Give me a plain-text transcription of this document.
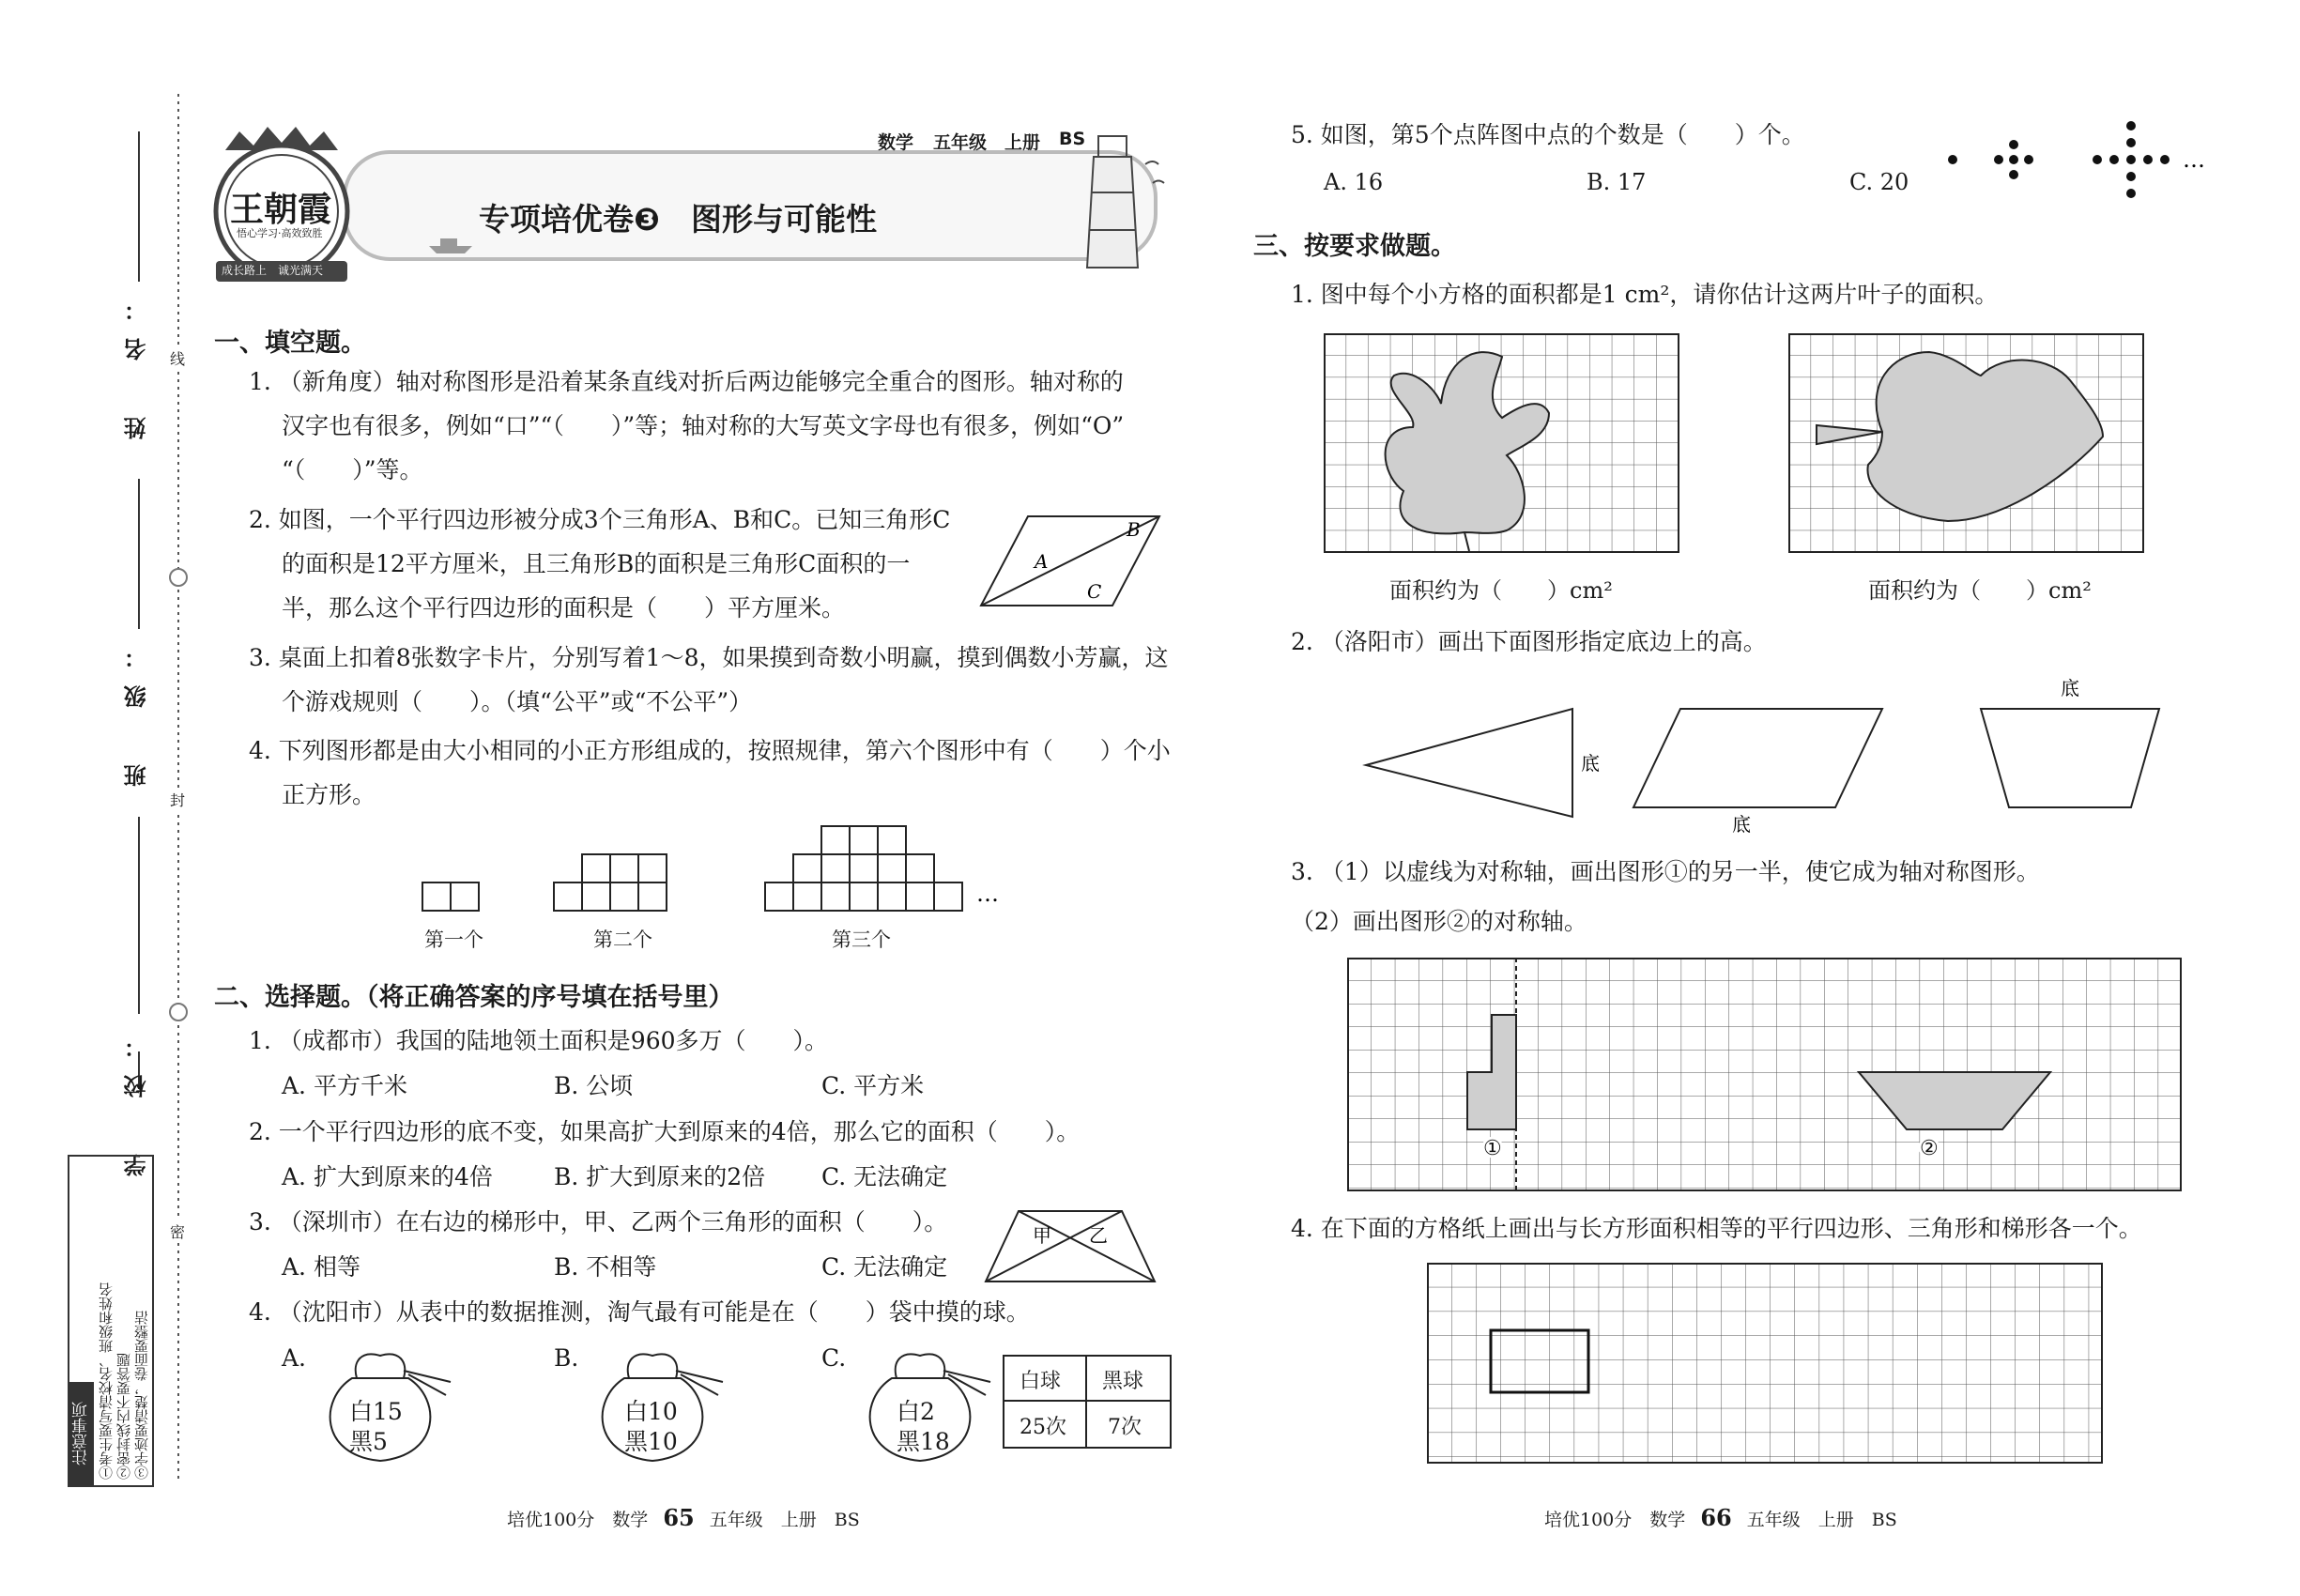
姓　名：
班　级：
学　校：
线
封
密
注意事项 ①考生要写清校名、班级和姓名 ②密封线内不要答题 ③字迹要清楚，卷面要整洁
专项培优卷❸　图形与可能性
数学 五年级 上册 BS
王朝霞
悟心学习·高效致胜
成长路上　诚光满天
一、填空题。
1. （新角度）轴对称图形是沿着某条直线对折后两边能够完全重合的图形。轴对称的
汉字也有很多，例如“口”“（　　）”等；轴对称的大写英文字母也有很多，例如“O”
“（　　）”等。
2. 如图，一个平行四边形被分成3个三角形A、B和C。已知三角形C
的面积是12平方厘米，且三角形B的面积是三角形C面积的一
半，那么这个平行四边形的面积是（　　）平方厘米。
A
B
C
3. 桌面上扣着8张数字卡片，分别写着1～8，如果摸到奇数小明赢，摸到偶数小芳赢，这
个游戏规则（　　）。（填“公平”或“不公平”）
4. 下列图形都是由大小相同的小正方形组成的，按照规律，第六个图形中有（　　）个小
正方形。
…
第一个	第二个	第三个
二、选择题。（将正确答案的序号填在括号里）
1. （成都市）我国的陆地领土面积是960多万（　　）。
A. 平方千米	B. 公顷	C. 平方米
2. 一个平行四边形的底不变，如果高扩大到原来的4倍，那么它的面积（　　）。
A. 扩大到原来的4倍	B. 扩大到原来的2倍 C. 无法确定
3. （深圳市）在右边的梯形中，甲、乙两个三角形的面积（　　）。
A. 相等	B. 不相等	C. 无法确定
甲 乙
4. （沈阳市）从表中的数据推测，淘气最有可能是在（　　）袋中摸的球。
A.	B.	C.
白15
黑5
白10
黑10
白2
黑18
白球 黑球
25次 7次
培优100分　数学 65 五年级　上册　BS
5. 如图，第5个点阵图中点的个数是（　　）个。
A. 16	B. 17	C. 20
…
三、按要求做题。
1. 图中每个小方格的面积都是1 cm²，请你估计这两片叶子的面积。
面积约为（　　）cm²	面积约为（　　）cm²
2. （洛阳市）画出下面图形指定底边上的高。
底
底
底
3. （1）以虚线为对称轴，画出图形①的另一半，使它成为轴对称图形。
（2）画出图形②的对称轴。
①	②
4. 在下面的方格纸上画出与长方形面积相等的平行四边形、三角形和梯形各一个。
培优100分　数学 66 五年级　上册　BS
